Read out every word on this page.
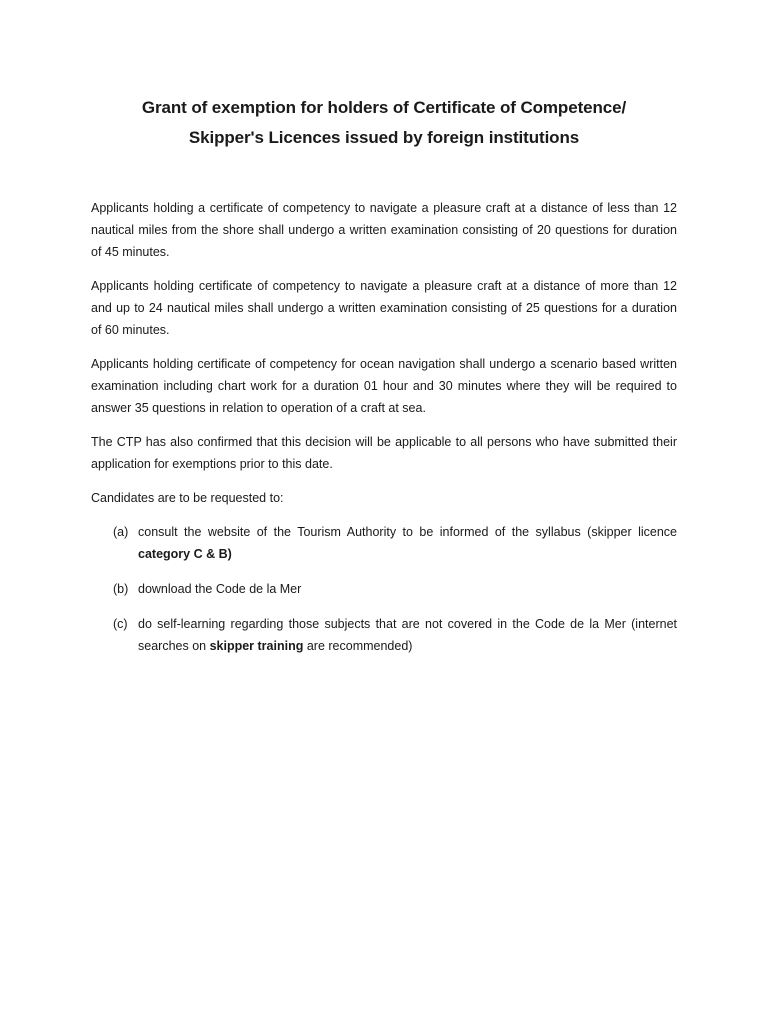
Grant of exemption for holders of Certificate of Competence/
Skipper's Licences issued by foreign institutions

Applicants holding a certificate of competency to navigate a pleasure craft at a distance of less than 12 nautical miles from the shore shall undergo a written examination consisting of 20 questions for duration of 45 minutes.

Applicants holding certificate of competency to navigate a pleasure craft at a distance of more than 12 and up to 24 nautical miles shall undergo a written examination consisting of 25 questions for a duration of 60 minutes.

Applicants holding certificate of competency for ocean navigation shall undergo a scenario based written examination including chart work for a duration 01 hour and 30 minutes where they will be required to answer 35 questions in relation to operation of a craft at sea.

The CTP has also confirmed that this decision will be applicable to all persons who have submitted their application for exemptions prior to this date.

Candidates are to be requested to:

(a) consult the website of the Tourism Authority to be informed of the syllabus (skipper licence category C & B)
(b) download the Code de la Mer
(c) do self-learning regarding those subjects that are not covered in the Code de la Mer (internet searches on skipper training are recommended)
